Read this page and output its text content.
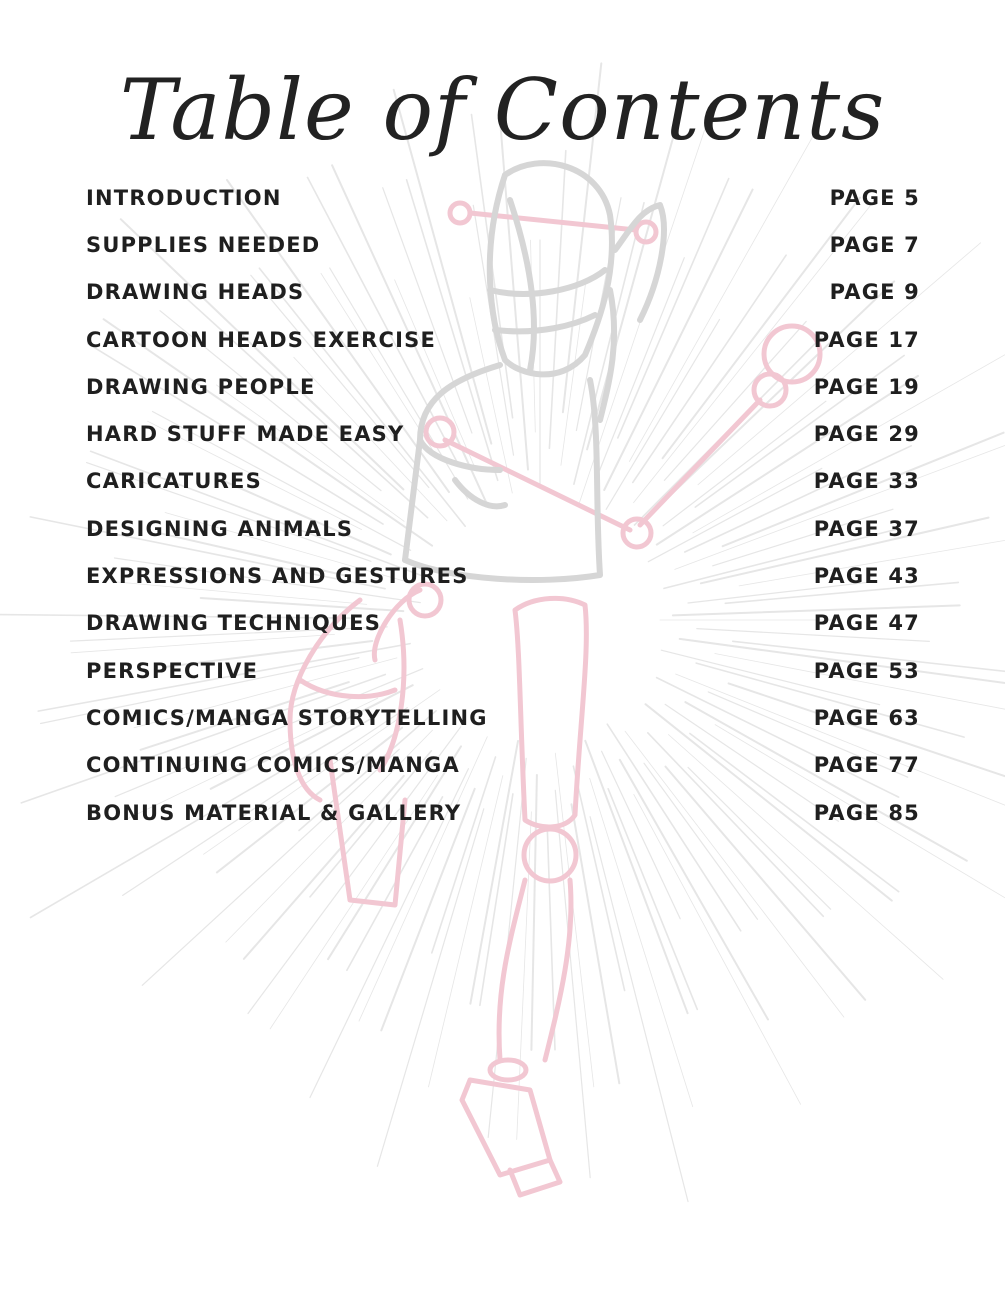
Table of Contents
INTRODUCTION	PAGE 5
SUPPLIES NEEDED	PAGE 7
DRAWING HEADS	PAGE 9
CARTOON HEADS EXERCISE	PAGE 17
DRAWING PEOPLE	PAGE 19
HARD STUFF MADE EASY	PAGE 29
CARICATURES	PAGE 33
DESIGNING ANIMALS	PAGE 37
EXPRESSIONS AND GESTURES	PAGE 43
DRAWING TECHNIQUES	PAGE 47
PERSPECTIVE	PAGE 53
COMICS/MANGA STORYTELLING	PAGE 63
CONTINUING COMICS/MANGA	PAGE 77
BONUS MATERIAL & GALLERY	PAGE 85
